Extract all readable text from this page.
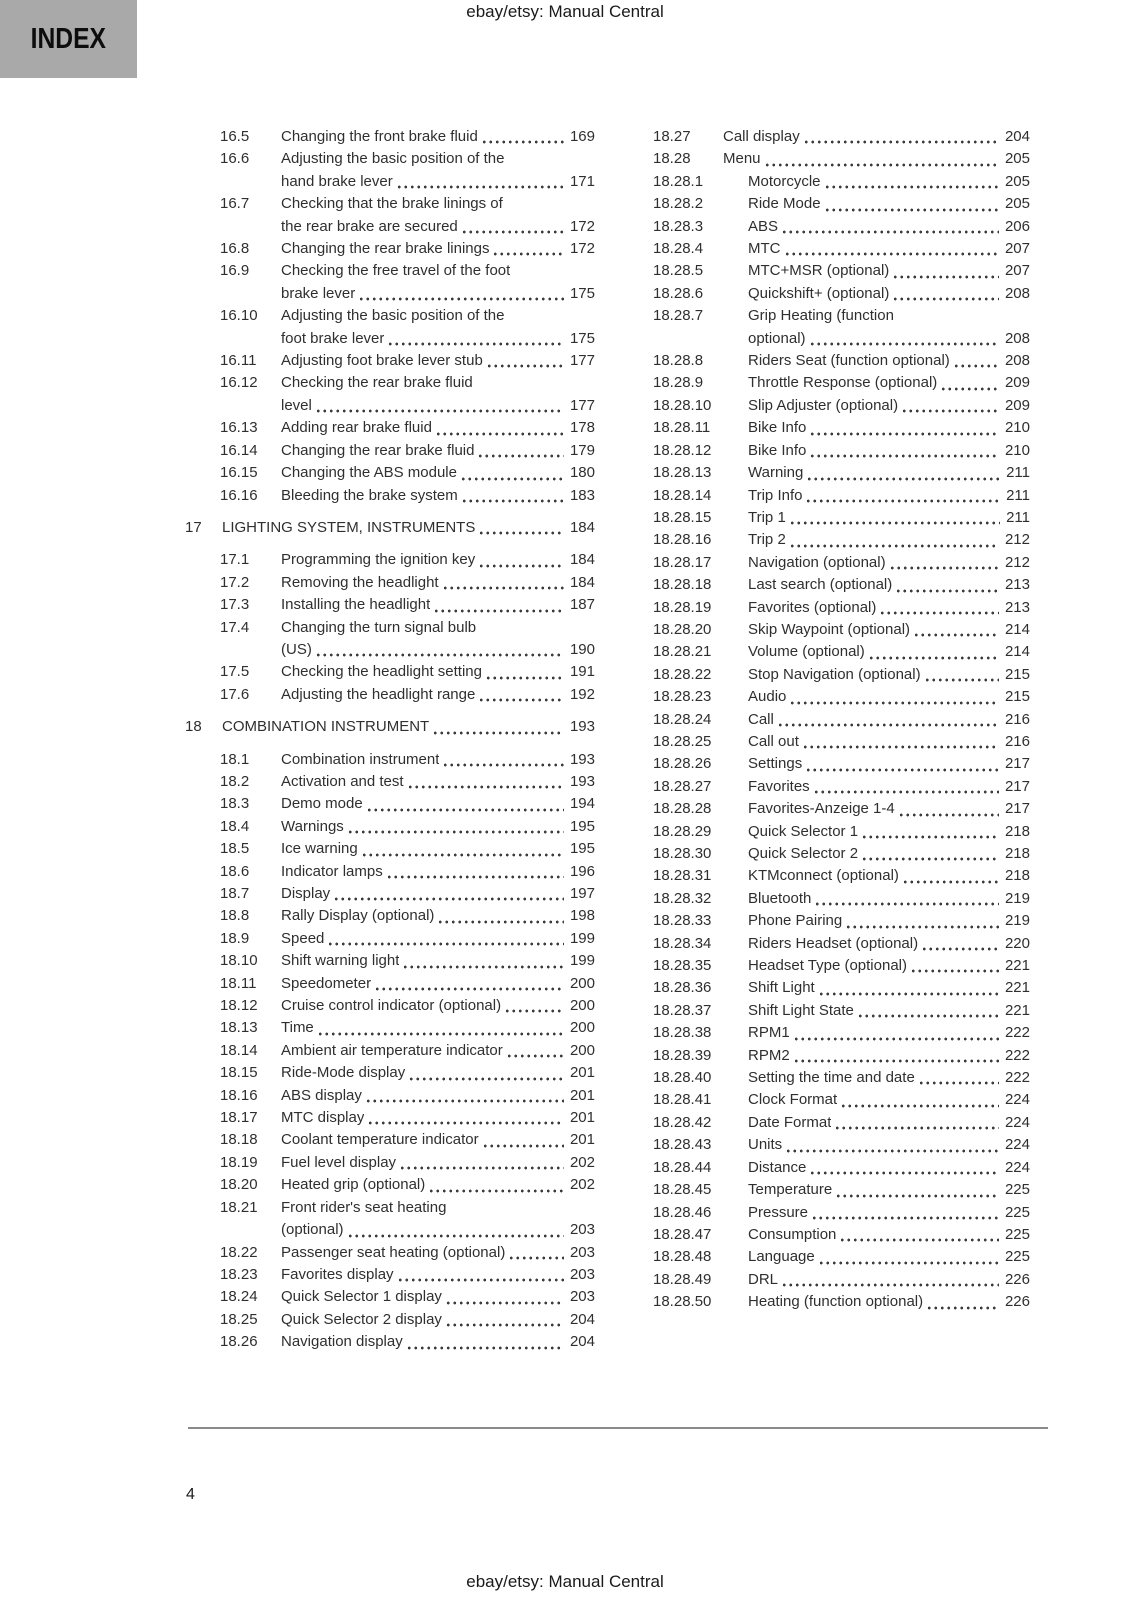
ebay/etsy: Manual Central
INDEX
16.5	Changing the front brake fluid	169
16.6	Adjusting the basic position of the
hand brake lever	171
16.7	Checking that the brake linings of
the rear brake are secured	172
16.8	Changing the rear brake linings	172
16.9	Checking the free travel of the foot
brake lever	175
16.10	Adjusting the basic position of the
foot brake lever	175
16.11	Adjusting foot brake lever stub	177
16.12	Checking the rear brake fluid
level	177
16.13	Adding rear brake fluid	178
16.14	Changing the rear brake fluid	179
16.15	Changing the ABS module	180
16.16	Bleeding the brake system	183
17	LIGHTING SYSTEM, INSTRUMENTS	184
17.1	Programming the ignition key	184
17.2	Removing the headlight	184
17.3	Installing the headlight	187
17.4	Changing the turn signal bulb
(US)	190
17.5	Checking the headlight setting	191
17.6	Adjusting the headlight range	192
18	COMBINATION INSTRUMENT	193
18.1	Combination instrument	193
18.2	Activation and test	193
18.3	Demo mode	194
18.4	Warnings	195
18.5	Ice warning	195
18.6	Indicator lamps	196
18.7	Display	197
18.8	Rally Display (optional)	198
18.9	Speed	199
18.10	Shift warning light	199
18.11	Speedometer	200
18.12	Cruise control indicator (optional)	200
18.13	Time	200
18.14	Ambient air temperature indicator	200
18.15	Ride-Mode display	201
18.16	ABS display	201
18.17	MTC display	201
18.18	Coolant temperature indicator	201
18.19	Fuel level display	202
18.20	Heated grip (optional)	202
18.21	Front rider's seat heating
(optional)	203
18.22	Passenger seat heating (optional)	203
18.23	Favorites display	203
18.24	Quick Selector 1 display	203
18.25	Quick Selector 2 display	204
18.26	Navigation display	204
18.27	Call display	204
18.28	Menu	205
18.28.1	Motorcycle	205
18.28.2	Ride Mode	205
18.28.3	ABS	206
18.28.4	MTC	207
18.28.5	MTC+MSR (optional)	207
18.28.6	Quickshift+ (optional)	208
18.28.7	Grip Heating (function
optional)	208
18.28.8	Riders Seat (function optional)	208
18.28.9	Throttle Response (optional)	209
18.28.10	Slip Adjuster (optional)	209
18.28.11	Bike Info	210
18.28.12	Bike Info	210
18.28.13	Warning	211
18.28.14	Trip Info	211
18.28.15	Trip 1	211
18.28.16	Trip 2	212
18.28.17	Navigation (optional)	212
18.28.18	Last search (optional)	213
18.28.19	Favorites (optional)	213
18.28.20	Skip Waypoint (optional)	214
18.28.21	Volume (optional)	214
18.28.22	Stop Navigation (optional)	215
18.28.23	Audio	215
18.28.24	Call	216
18.28.25	Call out	216
18.28.26	Settings	217
18.28.27	Favorites	217
18.28.28	Favorites-Anzeige 1-4	217
18.28.29	Quick Selector 1	218
18.28.30	Quick Selector 2	218
18.28.31	KTMconnect (optional)	218
18.28.32	Bluetooth	219
18.28.33	Phone Pairing	219
18.28.34	Riders Headset (optional)	220
18.28.35	Headset Type (optional)	221
18.28.36	Shift Light	221
18.28.37	Shift Light State	221
18.28.38	RPM1	222
18.28.39	RPM2	222
18.28.40	Setting the time and date	222
18.28.41	Clock Format	224
18.28.42	Date Format	224
18.28.43	Units	224
18.28.44	Distance	224
18.28.45	Temperature	225
18.28.46	Pressure	225
18.28.47	Consumption	225
18.28.48	Language	225
18.28.49	DRL	226
18.28.50	Heating (function optional)	226
4
ebay/etsy: Manual Central
